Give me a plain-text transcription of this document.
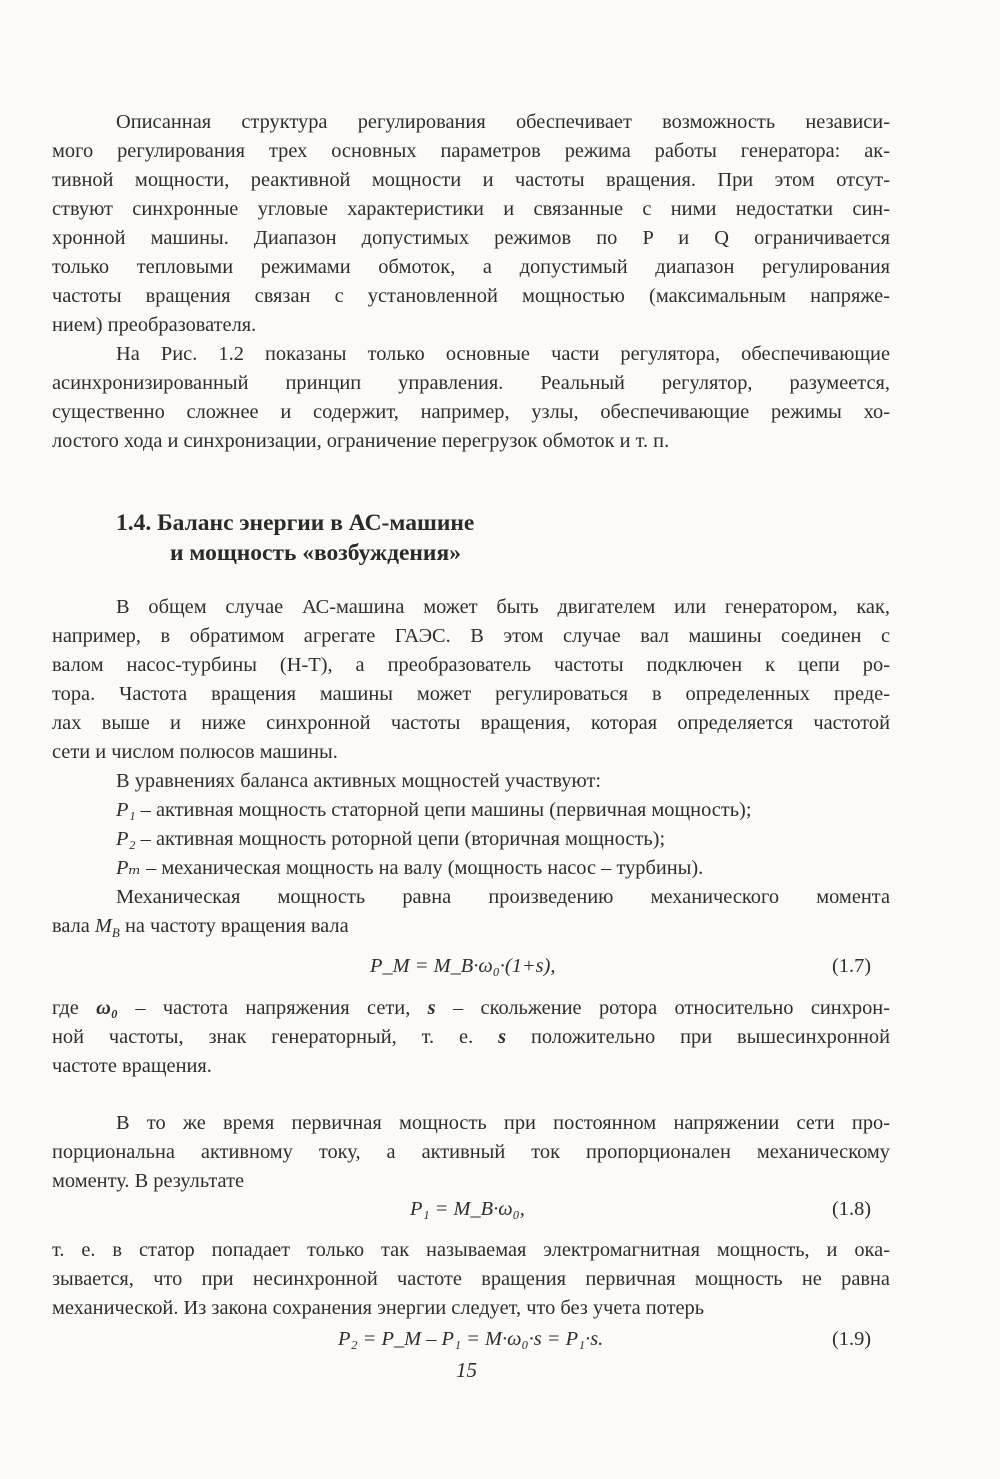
Описанная структура регулирования обеспечивает возможность независи-
мого регулирования трех основных параметров режима работы генератора: ак-
тивной мощности, реактивной мощности и частоты вращения. При этом отсут-
ствуют синхронные угловые характеристики и связанные с ними недостатки син-
хронной машины. Диапазон допустимых режимов по P и Q ограничивается
только тепловыми режимами обмоток, а допустимый диапазон регулирования
частоты вращения связан с установленной мощностью (максимальным напряже-
нием) преобразователя.
На Рис. 1.2 показаны только основные части регулятора, обеспечивающие
асинхронизированный принцип управления. Реальный регулятор, разумеется,
существенно сложнее и содержит, например, узлы, обеспечивающие режимы хо-
лостого хода и синхронизации, ограничение перегрузок обмоток и т. п.
1.4. Баланс энергии в АС-машине
и мощность «возбуждения»
В общем случае АС-машина может быть двигателем или генератором, как,
например, в обратимом агрегате ГАЭС. В этом случае вал машины соединен с
валом насос-турбины (Н-Т), а преобразователь частоты подключен к цепи ро-
тора. Частота вращения машины может регулироваться в определенных преде-
лах выше и ниже синхронной частоты вращения, которая определяется частотой
сети и числом полюсов машины.
В уравнениях баланса активных мощностей участвуют:
P₁ – активная мощность статорной цепи машины (первичная мощность);
P₂ – активная мощность роторной цепи (вторичная мощность);
Pₘ – механическая мощность на валу (мощность насос – турбины).
Механическая мощность равна произведению механического момента
вала $M_B$ на частоту вращения вала
P_M = M_B·ω₀·(1+s),	(1.7)
где ω₀ – частота напряжения сети, s – скольжение ротора относительно синхрон-
ной частоты, знак генераторный, т. е. s положительно при вышесинхронной
частоте вращения.
В то же время первичная мощность при постоянном напряжении сети про-
порциональна активному току, а активный ток пропорционален механическому
моменту. В результате
P₁ = M_B·ω₀,	(1.8)
т. е. в статор попадает только так называемая электромагнитная мощность, и ока-
зывается, что при несинхронной частоте вращения первичная мощность не равна
механической. Из закона сохранения энергии следует, что без учета потерь
P₂ = P_M – P₁ = M·ω₀·s = P₁·s.	(1.9)
15
